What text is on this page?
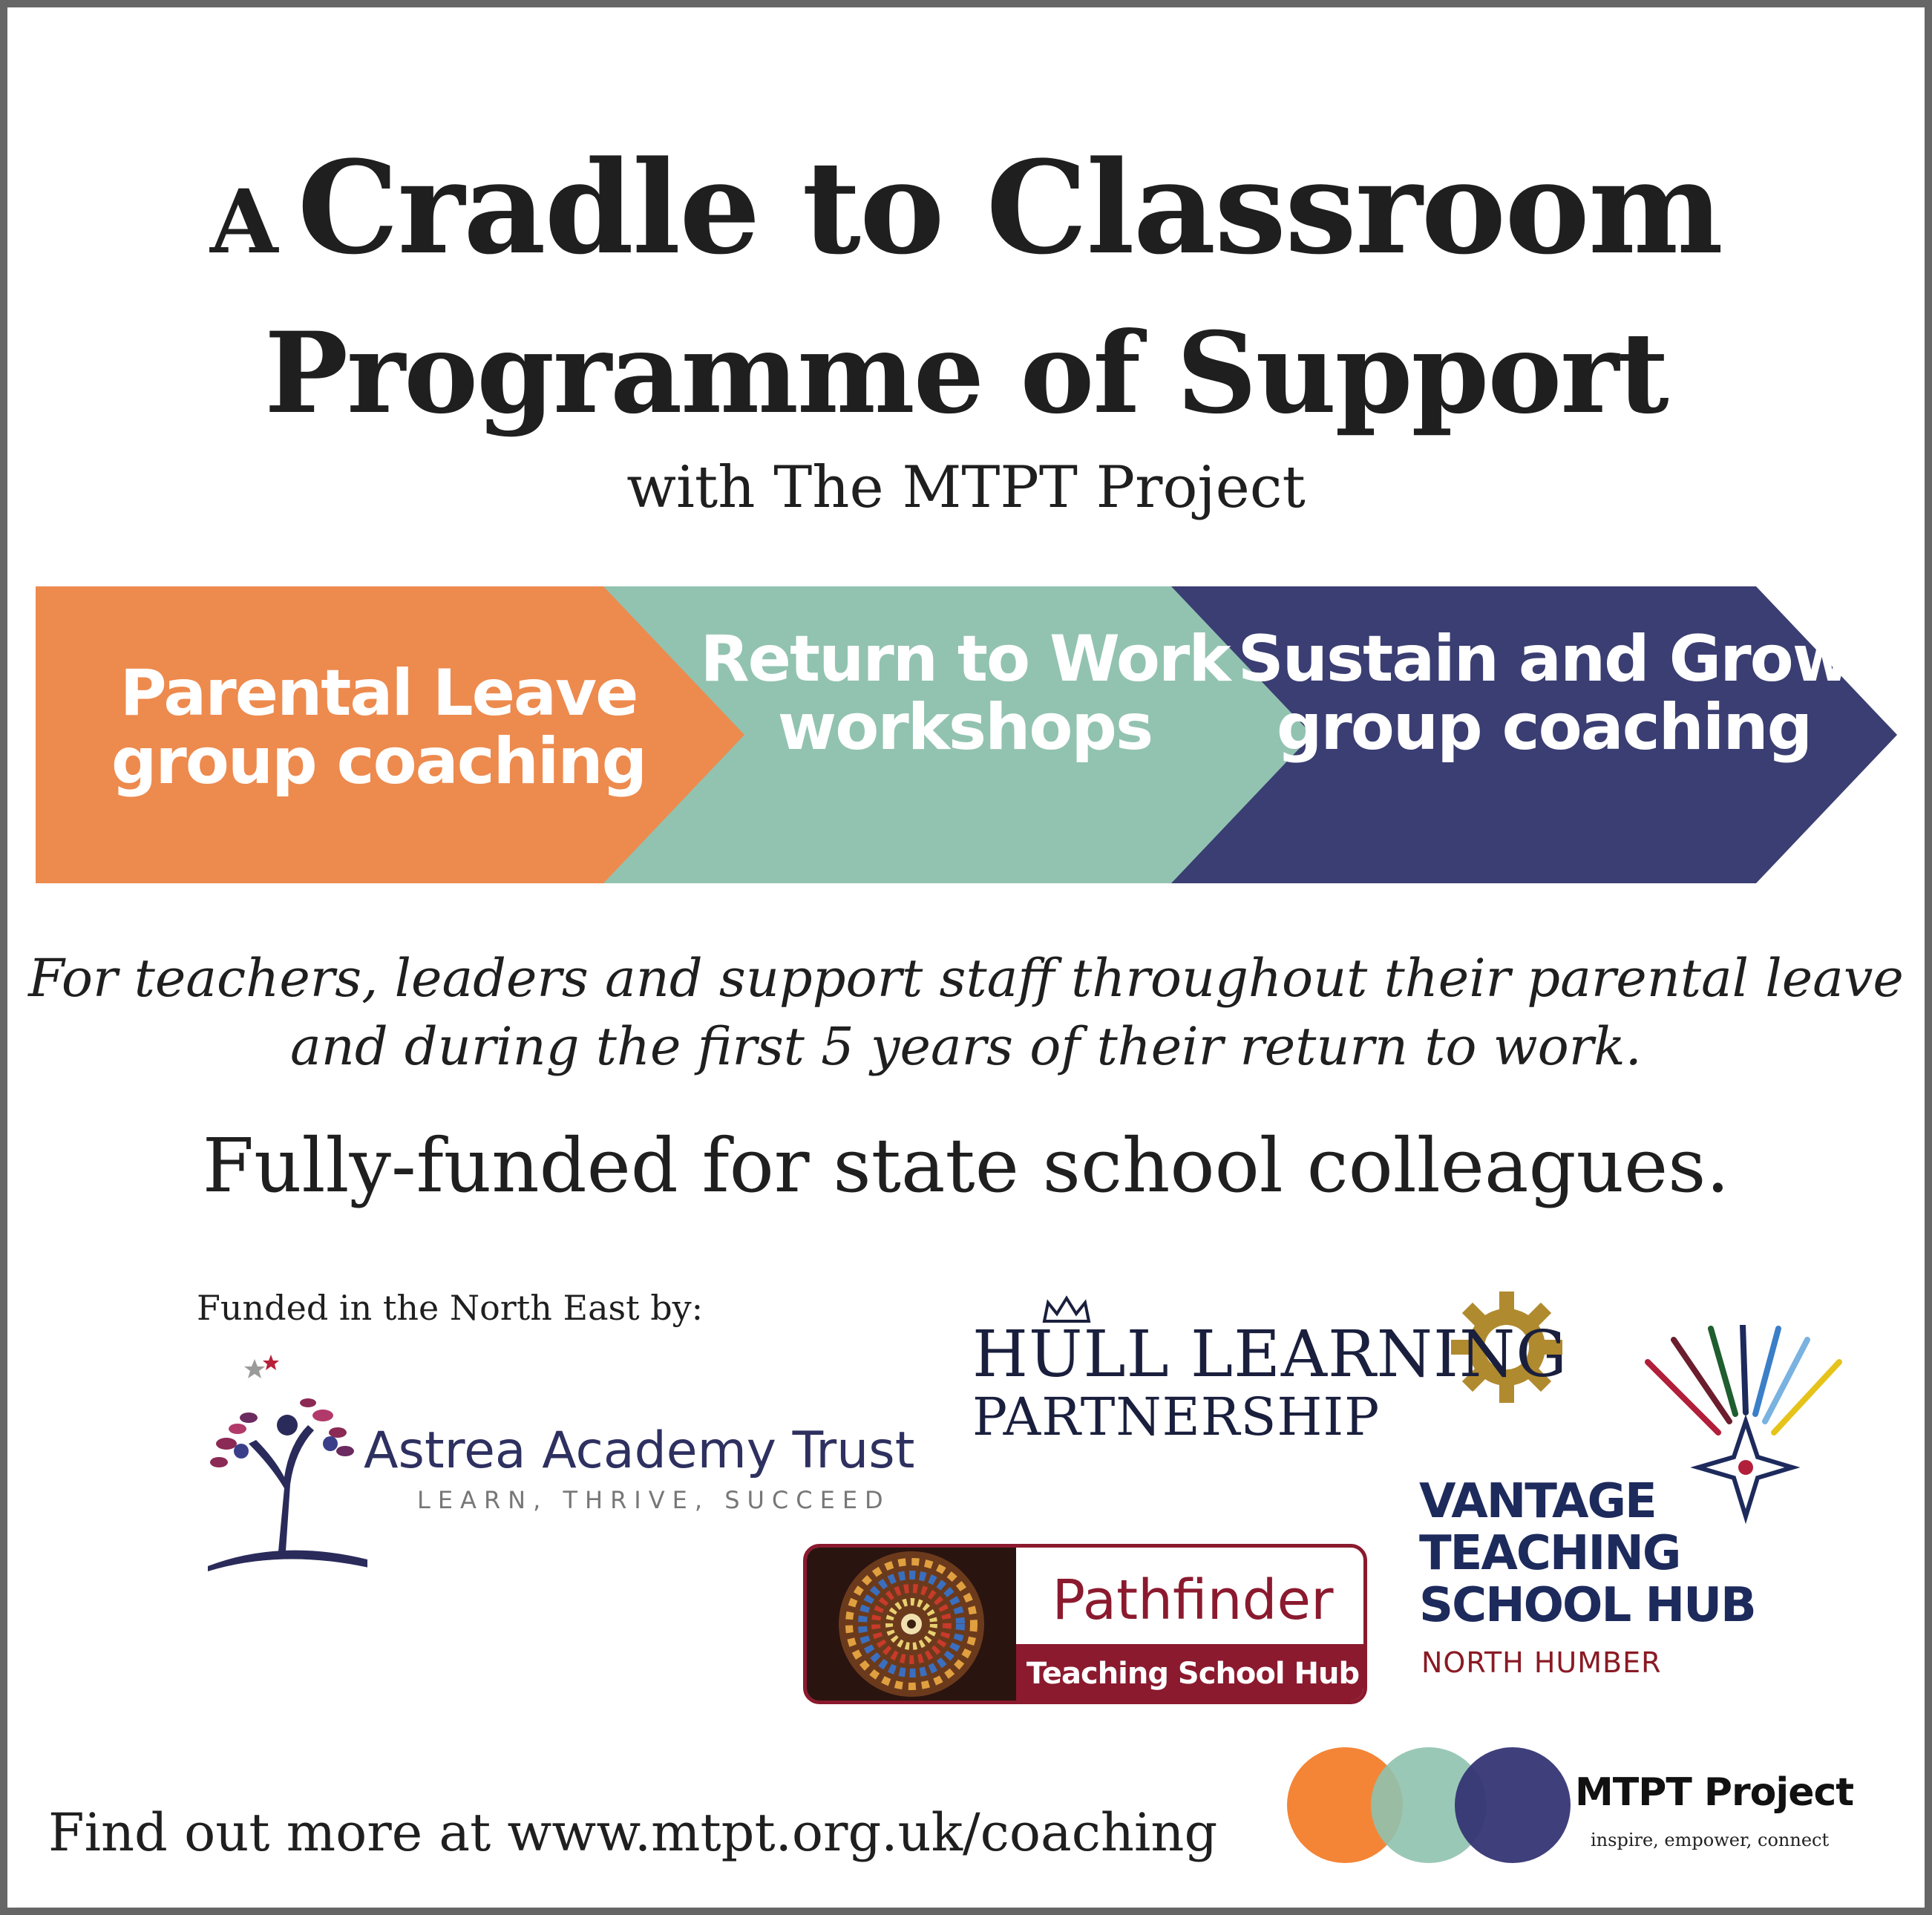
A Cradle to Classroom
Programme of Support
with The MTPT Project
Parental Leave group coaching
Return to Work workshops
Sustain and Grow group coaching
For teachers, leaders and support staff throughout their parental leave and during the first 5 years of their return to work.
Fully-funded for state school colleagues.
Funded in the North East by:
Astrea Academy Trust
LEARN, THRIVE, SUCCEED
HULL LEARNING
PARTNERSHIP
VANTAGE
TEACHING
SCHOOL HUB
NORTH HUMBER
Pathfinder
Teaching School Hub
MTPT Project
inspire, empower, connect
Find out more at www.mtpt.org.uk/coaching
